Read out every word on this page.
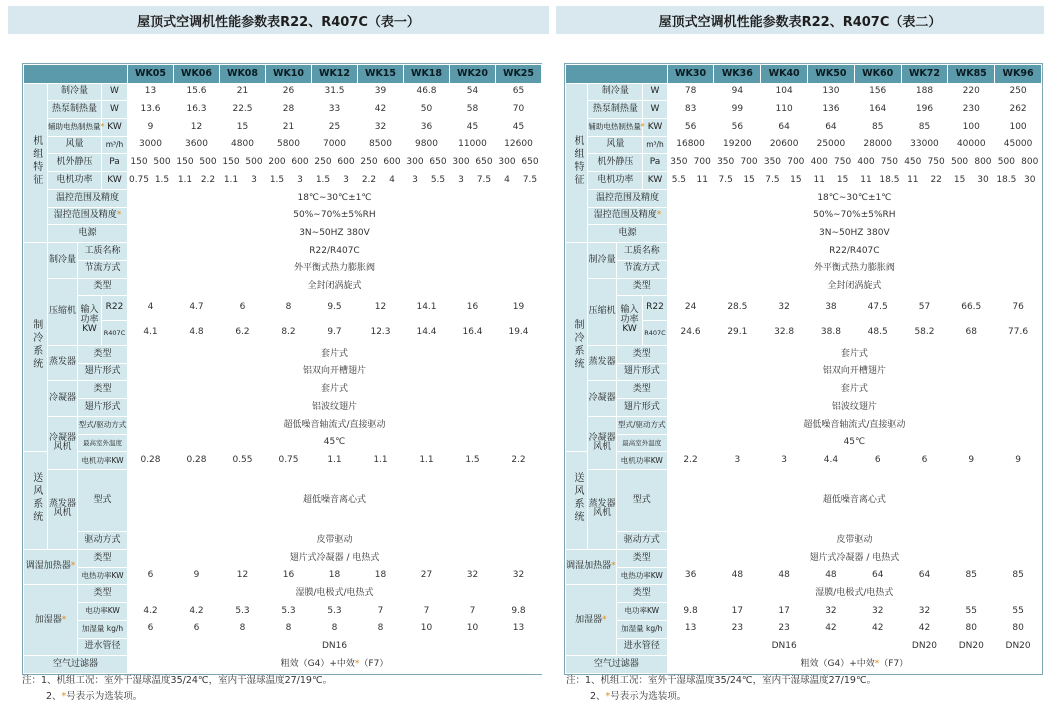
屋顶式空调机性能参数表R22、R407C（表一）
				WK05		WK06		WK08		WK10		WK12		WK15		WK18		WK20		WK25	
机组特征	制冷量		W	13		15.6		21		26		31.5		39		46.8		54		65	
	热泵制热量		W	13.6		16.3		22.5		28		33		42		50		58		70	
	辅助电热制热量*		KW	9		12		15		21		25		32		36		45		45	
	风量		m³/h	3000		3600		4800		5800		7000		8500		9800		11000		12600	
	机外静压		Pa	150	500	150	500	150	500	200	600	250	600	250	600	300	650	300	650	300	650
	电机功率		KW	0.75	1.5	1.1	2.2	1.1	3	1.5	3	1.5	3	2.2	4	3	5.5	3	7.5	4	7.5
	温控范围及精度			18℃∼30℃±1℃																	
	湿控范围及精度*			50%∼70%±5%RH																	
	电源			3N∼50HZ 380V																	
制冷系统	制冷量	工质名称		R22/R407C																	
		节流方式		外平衡式热力膨胀阀																	
	压缩机	类型		全封闭涡旋式																	
		输入功率KW	R22	4		4.7		6		8		9.5		12		14.1		16		19	
			R407C	4.1		4.8		6.2		8.2		9.7		12.3		14.4		16.4		19.4	
	蒸发器	类型		套片式																	
		翅片形式		铝双向开槽翅片																	
	冷凝器	类型		套片式																	
		翅片形式		铝波纹翅片																	
	冷凝器风机	型式/驱动方式		超低噪音轴流式/直接驱动																	
		最高室外温度		45℃																	
送风系统		电机功率KW		0.28		0.28		0.55		0.75		1.1		1.1		1.1		1.5		2.2	
	蒸发器风机	型式		超低噪音离心式																	
		驱动方式		皮带驱动																	
调湿加热器*		类型		翅片式冷凝器 / 电热式																	
		电热功率KW		6		9		12		16		18		18		27		32		32	
加湿器*		类型		湿膜/电极式/电热式																	
		电功率KW		4.2		4.2		5.3		5.3		5.3		7		7		7		9.8	
		加湿量 kg/h		6		6		8		8		8		8		10		10		13	
		进水管径		DN16																	
空气过滤器				粗效（G4）+中效*（F7）																	
屋顶式空调机性能参数表R22、R407C（表二）
				WK30		WK36		WK40		WK50		WK60		WK72		WK85		WK96	
机组特征	制冷量		W	78		94		104		130		156		188		220		250	
	热泵制热量		W	83		99		110		136		164		196		230		262	
	辅助电热制热量*		KW	56		56		64		64		85		85		100		100	
	风量		m³/h	16800		19200		20600		25000		28000		33000		40000		45000	
	机外静压		Pa	350	700	350	700	350	700	400	750	400	750	450	750	500	800	500	800
	电机功率		KW	5.5	11	7.5	15	7.5	15	11	15	11	18.5	11	22	15	30	18.5	30
	温控范围及精度			18℃∼30℃±1℃															
	湿控范围及精度*			50%∼70%±5%RH															
	电源			3N∼50HZ 380V															
制冷系统	制冷量	工质名称		R22/R407C															
		节流方式		外平衡式热力膨胀阀															
	压缩机	类型		全封闭涡旋式															
		输入功率KW	R22	24		28.5		32		38		47.5		57		66.5		76	
			R407C	24.6		29.1		32.8		38.8		48.5		58.2		68		77.6	
	蒸发器	类型		套片式															
		翅片形式		铝双向开槽翅片															
	冷凝器	类型		套片式															
		翅片形式		铝波纹翅片															
	冷凝器风机	型式/驱动方式		超低噪音轴流式/直接驱动															
		最高室外温度		45℃															
送风系统		电机功率KW		2.2		3		3		4.4		6		6		9		9	
	蒸发器风机	型式		超低噪音离心式															
		驱动方式		皮带驱动															
调湿加热器*		类型		翅片式冷凝器 / 电热式															
		电热功率KW		36		48		48		48		64		64		85		85	
加湿器*		类型		湿膜/电极式/电热式															
		电功率KW		9.8		17		17		32		32		32		55		55	
		加湿量 kg/h		13		23		23		42		42		42		80		80	
		进水管径		DN16										DN20		DN20		DN20	
空气过滤器				粗效（G4）+中效*（F7）															
注：1、机组工况：室外干湿球温度35/24℃，室内干湿球温度27/19℃。
2、*号表示为选装项。
注：1、机组工况：室外干湿球温度35/24℃，室内干湿球温度27/19℃。
2、*号表示为选装项。
